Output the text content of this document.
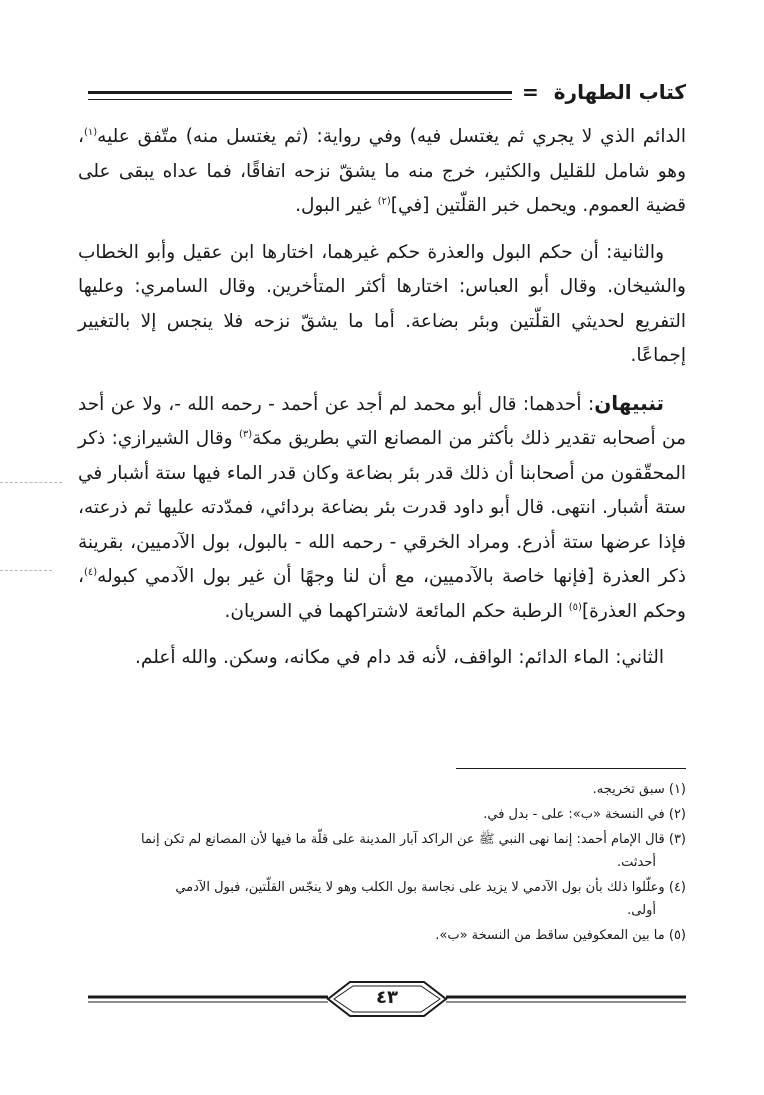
كتاب الطهارة =

الدائم الذي لا يجري ثم يغتسل فيه) وفي رواية: (ثم يغتسل منه) متّفق عليه$^{(١)}$، وهو شامل للقليل والكثير، خرج منه ما يشقّ نزحه اتفاقًا، فما عداه يبقى على قضية العموم. ويحمل خبر القلّتين [في]$^{(٢)}$ غير البول.

والثانية: أن حكم البول والعذرة حكم غيرهما، اختارها ابن عقيل وأبو الخطاب والشيخان. وقال أبو العباس: اختارها أكثر المتأخرين. وقال السامري: وعليها التفريع لحديثي القلّتين وبئر بضاعة. أما ما يشقّ نزحه فلا ينجس إلا بالتغيير إجماعًا.

تنبيهان: أحدهما: قال أبو محمد لم أجد عن أحمد - رحمه الله -، ولا عن أحد من أصحابه تقدير ذلك بأكثر من المصانع التي بطريق مكة$^{(٣)}$ وقال الشيرازي: ذكر المحقّقون من أصحابنا أن ذلك قدر بئر بضاعة وكان قدر الماء فيها ستة أشبار في ستة أشبار. انتهى. قال أبو داود قدرت بئر بضاعة بردائي، فمدّدته عليها ثم ذرعته، فإذا عرضها ستة أذرع. ومراد الخرقي - رحمه الله - بالبول، بول الآدميين، بقرينة ذكر العذرة [فإنها خاصة بالآدميين، مع أن لنا وجهًا أن غير بول الآدمي كبوله$^{(٤)}$، وحكم العذرة]$^{(٥)}$ الرطبة حكم المائعة لاشتراكهما في السريان.

الثاني: الماء الدائم: الواقف، لأنه قد دام في مكانه، وسكن. والله أعلم.

(١) سبق تخريجه.
(٢) في النسخة «ب»: على - بدل في.
(٣) قال الإمام أحمد: إنما نهى النبي ﷺ عن الراكد آبار المدينة على قلّة ما فيها لأن المصانع لم تكن إنما
أحدثت.
(٤) وعلّلوا ذلك بأن بول الآدمي لا يزيد على نجاسة بول الكلب وهو لا ينجّس القلّتين، فبول الآدمي
أولى.
(٥) ما بين المعكوفين ساقط من النسخة «ب».
٤٣
